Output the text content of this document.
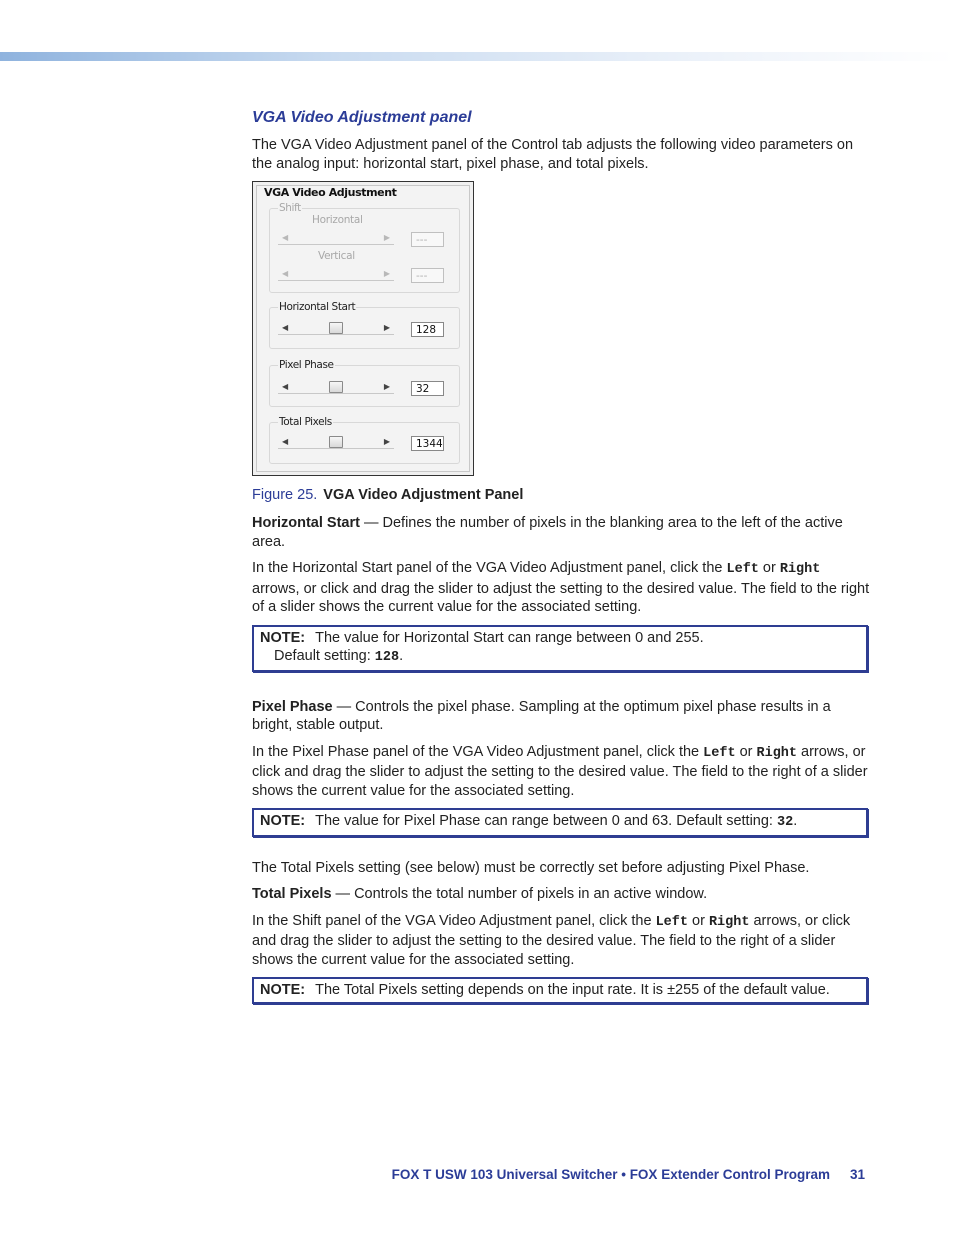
VGA Video Adjustment panel

The VGA Video Adjustment panel of the Control tab adjusts the following video parameters on the analog input: horizontal start, pixel phase, and total pixels.

VGA Video Adjustment
Shift
Horizontal
◀	▶	---
Vertical
◀	▶	---
Horizontal Start
◀	▶	128
Pixel Phase
◀	▶	32
Total Pixels
◀	▶	1344
Figure 25. VGA Video Adjustment Panel

Horizontal Start — Defines the number of pixels in the blanking area to the left of the active area.

In the Horizontal Start panel of the VGA Video Adjustment panel, click the Left or Right arrows, or click and drag the slider to adjust the setting to the desired value. The field to the right of a slider shows the current value for the associated setting.

NOTE: The value for Horizontal Start can range between 0 and 255.
Default setting: 128.

Pixel Phase — Controls the pixel phase. Sampling at the optimum pixel phase results in a bright, stable output.

In the Pixel Phase panel of the VGA Video Adjustment panel, click the Left or Right arrows, or click and drag the slider to adjust the setting to the desired value. The field to the right of a slider shows the current value for the associated setting.

NOTE: The value for Pixel Phase can range between 0 and 63. Default setting: 32.

The Total Pixels setting (see below) must be correctly set before adjusting Pixel Phase.

Total Pixels — Controls the total number of pixels in an active window.

In the Shift panel of the VGA Video Adjustment panel, click the Left or Right arrows, or click and drag the slider to adjust the setting to the desired value. The field to the right of a slider shows the current value for the associated setting.

NOTE: The Total Pixels setting depends on the input rate. It is ±255 of the default value.
FOX T USW 103 Universal Switcher • FOX Extender Control Program 31
